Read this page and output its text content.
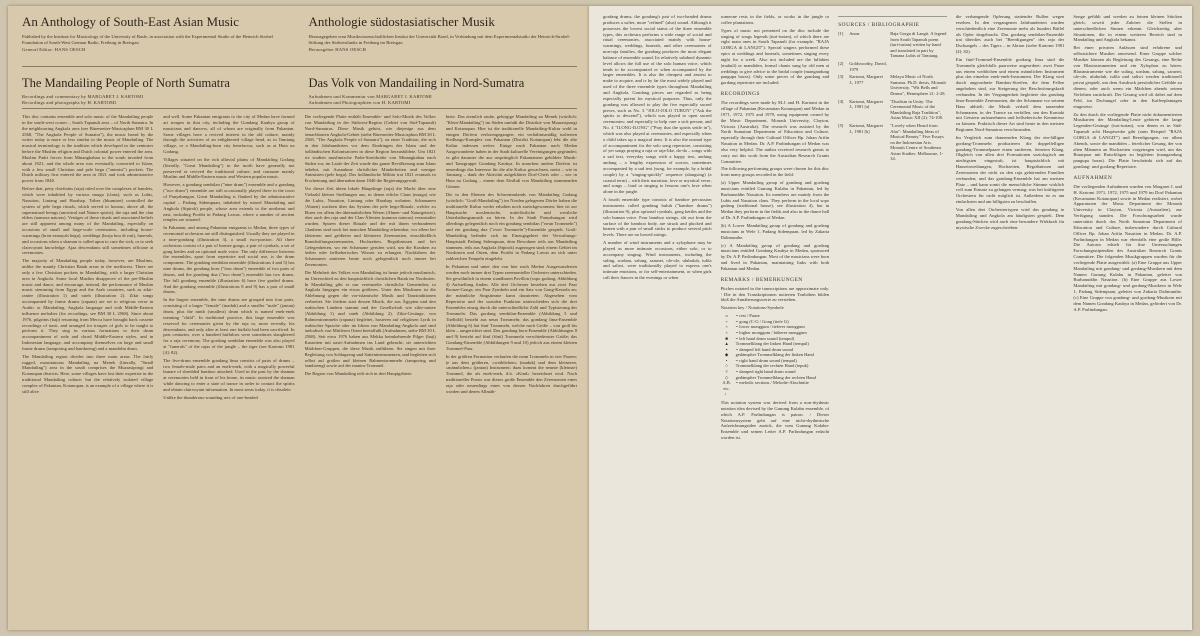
An Anthology of South-East Asian Music

Published by the Institute for Musicology of the University of Basle, in association with the Experimental Studio of the Heinrich Strobel Foundation of South-West German Radio, Freiburg in Breisgau

General Editor: HANS OESCH

Anthologie südostasiatischer Musik

Herausgegeben vom Musikwissenschaftlichen Institut der Universität Basel, in Verbindung mit dem Experimentalstudio der Heinrich-Strobel-Stiftung des Südwestfunks in Freiburg im Breisgau

Herausgeber HANS OESCH

The Mandailing People of North Sumatra

Recordings and commentary by MARGARET J. KARTOMI

Recordings and photographs by H. KARTOMI

Das Volk von Mandailing in Nord-Sumatra

Aufnahmen und Kommentar von MARGARET J. KARTOMI

Aufnahmen und Photographien von H. KARTOMI

This disc contains ensemble and solo music of the Mandailing people in the south-west corner – South Tapanuli area – of North Sumatra. In the neighbouring Angkola area (see Bärenreiter-Musicaphon BM 30 L 2568, "The Angkola People of Sumatra"), the music heard by the writer today is more or less similar to the music of Mandailing. The musical terminology is the tradition which developed in the centuries before the Muslim religion and Dutch colonial power entered the area. Muslim Padri forces from Minangkabau to the south invaded from about 1821, and the whole area was eventually converted to Islam, with a few small Christian and pele begu ("animist") pockets. The Dutch military first entered the area in 1821 and took administrative power from 1840.

Before that, petty chieftains (raja) ruled over the complexes of hamlets, which were inhabited by various marga (clans), such as Lubis, Nasution, Lintang and Harahap. Tribes (bhumiset) controlled the system of pele begu rituals, which served to honour, above all, the supernatural beings (ancestral and Nature spirits), the raja and the clan elders (namora natoras). Vestiges of these rituals and associated beliefs are still apparent among many of the Mandailing, especially on occasions of small and large-scale ceremonies, including house-warmings (brou-ramayah begu), weddings (horja bou di ruti), funerals, and occasions when a shaman is called upon to cure the sick, or to seek clairvoyant knowledge. Ajaa descendants still sometimes officiate at ceremonies.

The majority of Mandailing people today, however, are Muslims, unlike the mainly Christian Batak areas in the northwest. There are only a few Christian pockets in Mandailing, with a larger Christian area in Angkola. Some local Muslim disapprove of the pre-Muslim music and dance, and encourage, instead, the performance of Muslim music stemming from Egypt and the Arab countries, such as zikir-rantee (illustration 1) and rateb (illustration 2). Zikir songs accompanied by frame drums (rapana) are set to religious verse in Arabic or Mandailing. Angkola language and with Middle-Eastern influence melodies (for recordings, see BM 30 L 2568). Since about 1976, pilgrims (haji) returning from Mecca have brought back cassette recordings of nasit, and arranged for troupes of girls to be taught to perform it. They sing in various formations to their drum accompaniment of rode and chord Middle-Eastern styles, and in Indonesian language, and accompany themselves on large and small frame drums (tamporing and bamboeng) and a mandolin drum.

The Mandailing region divides into three main areas. The fairly rugged, mountainous Mandailing na Menek (literally, "Small Mandailing") area in the south comprises the Muarasipongi and Kotanopan districts. Here, some villages have lost their expertise in the traditional Mandailing culture; but the relatively isolated village complex of Pakantan, Kotanopan, is an example of a village where it is still alive

and well. Some Pakantan emigrants to the city of Medan have formed art troupes in that city, including the Gondang Kaubya group of musicians and dancers, all of whom are originally from Pakantan. Some villages have a revived interest in the old culture, mainly through the activities of an enlightened village head, as in Tamiang village, or a Mandailing-born city benefactor, such as at Huta na Godang.

Villages situated on the rich alluvial plains of Mandailing Godang (literally, "Great Mandailing") in the north have generally not preserved or revived the traditional culture, and consume mainly Muslim and Middle-Eastern music and Western popular music.

However, a gondang sembilan ("nine drum") ensemble and a gondang ("two drum") ensemble are still occasionally played there in the town of Panyabungan. Great Mandailing is flanked by the administrative capital – Padang Sidempuan, inhabited by mixed Mandailing and Angkola (Sipirok) people, whose area extends to the northeast and east, including Portibi in Padang Lawas, where a number of ancient temples are situated.

In Pakantan, and among Pakantan emigrants to Medan, three types of ceremonial orchestras are still distinguished. Usually they are played in a nine-gondang (illustration 3), a small two-portion. All three orchestras consist of a pair of bronze gongs, a pair of cymbals, a set of gong kettles and an optional male voice. The only difference between the ensembles, apart from repertoire and social use, is the drum component. The gondang sembilan ensemble (illustrations 4 and 5) has nine drums, the gondang boru ("four drum") ensemble of two pairs of drums, and the gondang dua ("two drum") ensemble has two drums. The full gondang ensemble (illustration 6) have five graded drums. And the gondang ensemble (illustrations 8 and 9) has a pair of small drums.

In the largest ensemble, the nine drums are grouped into four pairs, consisting of a larger "female" (inaduk) and a smaller "male" (jantan) drum, plus the ninth (smallest) drum which is named enek-enek meaning "child". In traditional practice, this large ensemble was reserved for ceremonies given by the raja or, more recently, his descendants, and only after at least one buffalo had been sacrificed. In past centuries, over a hundred buffaloes were sometimes slaughtered for a raja ceremony. The gordang sembilan ensemble was also played at "funerals" of the rajas of the jungle – the tiger (see Kartomi 1981 [4]: 82).

The five-drum ensemble gondang lima consists of pairs of drums – two female-male pairs and an enek-enek, with a magically powerful bunare of shredded bamboo attached. Used in the past by the shaman at ceremonies held in front of his home, its music assisted the shaman while dancing to enter a state of trance in order to contact the spirits and obtain clairvoyant information. In most areas today, it is obsolete.

Unlike the thunderous-sounding sets of one-headed

Die vorliegende Platte enthält Ensemble- und Solo-Musik des Volkes von Mandailing in der Südwest-Region (Gebiet von Süd-Tapanuli) Nord-Sumatras. Diese Musik gehört, wie diejenige aus dem benachbarten Angkola-Gebiet (siehe Bärenreiter-Musicaphon BM 30 L 2568, "The Angkola People of Sumatra"), zu einer Tradition, die sich in den Jahrhunderten vor dem Eindringen des Islam und der holländischen Kolonisatoren in diese Region herausbildete. Um 1821 sie studien muslimische Padri-Streitkräfte von Minangkabau nach Süden vor, im Laufe der Zeit wurde das ganze Bevölkerung zum Islam bekehrt, mit Ausnahme christlicher Minderheiten und weniger Animisten (pele begu). Das holländische Militär trat 1821 erstmals in Erscheinung und übernahm dann 1840 die Regierungsgewalt.

Vor dieser Zeit übten lokale Häuptlinge (raja) die Macht über eine Vielzahl kleiner Siedlungen aus, in denen etliche Clans (marga) wie die Lubis, Nasution, Lintang oder Harahap wohnten. Schamanen (Ahnen) wachten über das System der pele begu-Rituale, welche zu Ehren vor allem der übernatürlichen Wesen (Ahnen- und Naturgeister), aber auch des raja und der Clan-Ältesten (namora natoras) veranstaltet wurden. Spuren dieser Rituale und der mit ihnen verbundenen Glaubens sind noch bei manchen Mandailing erkennbar, vor allem bei kleineren und größeren und kleineren Zeremonien, einschließlich Brandstiftungszeremonien, Hochzeiten, Begräbnissen und bei Gelegenheiten, wo ein Schamane gerufen wird, um die Kranken zu heilen oder hellseherisches Wissen zu erlangen. Nachfahren der Schamanen amtieren heute noch gelegentlich noch immer bei Zeremonien.

Die Mehrheit des Volkes von Mandailing ist heute jedoch muslimisch, im Unterschied zu den hauptsächlich christlichen Batak im Nordosten. In Mandailing gibt es nur vereinzelte christliche Gemeinden; in Angkola hingegen ein etwas größeres. Unter den Muslimen ist die Ablehnung gegen die vor-islamische Musik und Tanztraditionen verbreitet. Sie fördern statt dessen Musik, die aus Ägypten und den arabischen Ländern stammt und der Gesellschaft wie zikir-rantee (Abbildung 1) und rateb (Abbildung 2). Zikir-Gesänge, von Rahmentrommeln (rapana) begleitet, basieren auf religiösen Lyrik in arabischer Sprache oder im Idiom von Mandailing-Angkola und sind melodisch von Mittleren Osten beeinflußt (Aufnahmen, siehe BM 30 L 2568). Seit etwa 1976 haben aus Mekka heimkehrende Pilger (haji) Kassetten mit nasit-Aufnahmen ins Land gebracht; sie unterrichten Mädchen-Gruppen, die diese Musik aufführen. Sie singen mit ihrer Begleitung von Schlagzeug und Saiteninstrumenten, und begleiten sich selbst auf großen und kleinen Rahmentrommeln (tamporing und bamboeng) sowie auf der mantra-Trommel.

Die Region von Mandailing teilt sich in drei Hauptgebiete.

biete. Das ziemlich rauhe, gebirgige Mandailing na Menek (wörtlich: "Klein-Mandailing") im Süden umfaßt die Distrikte von Muarasipongi und Kotanopan. Hier ist die traditionelle Mandailing-Kultur wohl in einigen Dörfern verlorengegangen; ein verhältnismäßig isolierten Siedlungs-Komplex von Pakantan (Distrikt Kotanopan) lebt die alte Kultur indessen weiter. Einige nach Pakantan nach Medan Ausgewanderte haben in der Stadt kulturelle Vereinigungen gegründet; es gibt darunter die aus ursprünglich Pakantanern gebildete Musik- und Tanzgruppe Gondang Kaubya. In manchen andern Dörfern ist neuerdings das Interesse für die alte Kultur gewachsen, meist – wie in Tamiang – dank der Aktivität aufgeklärter Dorf-Chefs oder – wie in Huta na Godang – einem dem Einfluß von Mandailing stammenden Gönner.

Die in den Ebenen des Schwemmlands von Mandailing Godang (wörtlich: "Groß-Mandailing") im Norden gelegenen Dörfer haben die traditionelle Kultur weder erhalten noch zurückgewonnen; hier ist zur Hauptsache moslemische, mittelöstliche und westliche Unterhaltungsmusik zu hören. In der Stadt Panyabungan wird allerdings gelegentlich noch ein gondang sembilan ("neun Trommeln") und ein gondang dua ("zwei Trommeln")-Ensemble gespielt. Groß-Mandailing befindet sich im Einzugsgebiet der Verwaltungs-Hauptstadt Padang Sidempuan, dem Bewohner teils aus Mandailing stammen, teils aus Angkola (Sipirok) zugezogen sind; einem Gebiet im Nordosten und Osten, dem Portibi in Padang Lawas an sich unter zahlreichen Tempeln eingelebt.

In Pakantan und unter den von hier nach Medan Ausgewanderten werden noch immer drei Typen zeremonieller Orchester unterschieden. Sie gewöhnlich in einem wandbaren Pavillon (sopo godang; Abbildung 4) Aufstellung finden. Alle drei Orchester bestehen aus zwei Paar Bronze-Gongs, ein Paar Zymbeln und ein Satz von Gong-Kesseln an; die männliche Singstimme kann dazutreten. Abgesehen vom Repertoire und der sozialen Funktion unterscheiden sich die drei Ensembles einzig durch die unterschiedliche Zahl und Typisierung der Trommeln. Das gordang sembilan-Ensemble (Abbildung 5 und Titelbild) besteht aus neun Trommeln; das gondang lima-Ensemble (Abbildung 6) hat fünf Trommeln, welche nach Größe – von groß bis klein – ausgerichtet sind. Das gondang boru-Ensemble (Abbildungen 8 und 9) besteht auf fünf (fünf) Trommeln verschiedenster Größe; das Gondang-Ensemble (Abbildungen 9 und 10) jedoch aus einem kleinen Trommel-Paar.

In der größten Formation verlaufen die neun Trommeln in vier Paaren; je aus dem größeren, »weiblichen« (inaduk) und dem kleineren, »männlichen« (jantan) Instrument; dazu kommt die neunte (kleinste) Trommel, die als enek-enek, d.h. »Kind« bezeichnet wird. Nach traditioneller Praxis war dieses große Ensemble den Zeremonien eines raja oder neuerdings eines von dessen Nachfahren durchgeführt worden und denen Allmäh-

gordang drums, the gondang's pair of two-headed drums produces a softer, more "refined" (alus) sound. Although it possesses the lowest social status of the three ensemble types, this orchestra performs a wide range of social and ritual ceremonies, associated mainly with house-warmings, weddings, funerals, and other ceremonies of non-raja families, the gondang produces the most elegant balance of ensemble sound. Its relatively subdued dynamic level allows the full use of the solo human voice, which tends to be accompanied or when accompanied by the larger ensembles. It is also the cheapest and easiest to make to acquire, and is by far the most widely played and used of the three ensemble types throughout Mandailing and Angkola. Gondang pieces are regarded as being especially potent for mystical purposes. Thus, only the gondang was allowed to play the five especially sacred pieces, such as No. 3 "JOLO-JOLO TURUN" ("Ask the spirits to descend"), which was played to open sacred ceremonies; and especially to help cure a sick person; and No. 4 "ILONG-ILONG" ("Pray that the spirits settle in"), which was also played at ceremonies, and especially when a child takes up a magical item. It is also the normal type of accompaniment for the solo song repertoire, consisting of yet songs praying a raja or raja-like, do-da – songs with a sad text, everyday songs with a happy text, andung andung – a lengthy expression of sorrow, sometimes accompanied by a sad text (sung, for example, by a bridal couple) by a "singing-quickly" sequence (alangsing) (a coastal term) – with their narration, love or mystical verse, and songs – loud or singing to lessons one's love when alone in the jungle.

A fourth ensemble type consists of bamboe percussion instruments called gondang buluh ("bamboe drums") (illustration 9), plus optional cymbals, gong kettles and the solo human voice. Four bamboo strings, slit out from the surface of the bamboo body, are struck and plucked and beaten with a pair of small sticks to produce several pitch levels. There are no bowed strings.

A number of wind instruments and a xylophone may be played as more intimate occasions, either solo, or to accompany singing. Wind instruments, including the suling, sordam, salung, sarunei, ole-ole, ulubuluh, tulila and saliwi, were traditionally played to express one's intimate emotions, or for self-entertainment, or when girls call their fiances in the evenings or when

someone rests in the fields, or works in the jungle or coffee plantations.

Types of music not presented on the disc include the singing of songs legends (turi-turian), of which there are eight main ones in South Tapanuli (for example, "RAJA GORGA di LANGIT"). Special singers performed these epics at weddings and funerals, sometimes singing every night for a week. Also not included are the lullabies (mahuli) or mandiden, formal chants sung by old men at weddings to give advice to the bridal couple (mangandung pangupa horas). Only some pieces of the gondang and gordang repertoire are included.

RECORDINGS

The recordings were made by M.J. and H. Kartomi in the village of Pakantan (Kecamatan Kotanopan) and Medan in 1971, 1972, 1975 and 1979, using equipment owned by the Music Department, Monash University, Clayton, Victoria (Australia). The research was assisted by the North Sumatran Department of Education and Culture, especially through their Cultural Officer Bp. Johan Arifin Nasution in Medan. Dr. A.P. Parlindungan of Medan was also very helpful. The author received research grants to carry out this work from the Australian Research Grants Committee.

The following performing groups were chosen for this disc from many groups recorded in the field:

(a) Upper Mandailing group of gondang and gordang musicians entitled Gunung Kulabu in Pakantan, led by Burhanuddin Nasution. Its members are mainly from the Lubis and Nasution clans. They perform in the local sopo godang (traditional house), see illustration 4), but in Medan they perform in the fields and also in the dance hall of Dr. A.P. Parlindungan of Medan.

(b) A Lower Mandailing group of gondang and gordang musicians in Wele 1, Padang Sidempuan, led by Zakaria Dalimunthe.

(c) A Mandailing group of gondang and gordang musicians entitled Gondang Kaubya in Medan, sponsored by Dr. A.P. Parlindungan. Most of the musicians were born and lived in Pakantan, maintaining links with both Pakantan and Medan.

REMARKS / BEMERKUNGEN

Pitches notated in the transcriptions are approximate only. / Die in den Transkriptionen notierten Tonhöhen bilden bloß die Annäherungswerte zu verstehen.

Notation key / Notations-Symbole

o	= rest / Pause
+	= gong (C-G / Gong (tiefe G)
×	= lower monggum / tieferer monggum
×	= higher monggum / höherer monggum
■	= left hand drum sound (tempul)
▲	Trommelklang der linken Hand (tempul)
▪	= damped left hand drum sound
◆	gedämpfter Trommelklang der linken Hand
•	= right hand drum sound (tempul)
○	Trommelklang der rechten Hand (tepuk)
▿	= damped right hand drum sound
◇	gedämpfter Trommelklang der rechten Hand
A.B. etc.
= melodic sections / Melodie-Abschnitte
♩

This notation system was derived from a non-rhythmic notation idea devised by the Gunung Kulabu ensemble, of which A.P. Parlindungan is patron. / Dieses Notationssystem geht auf eine nicht-rhythmische Aufzeichnungsidee zurück, die vom Gunung Kulabu-Ensemble und seinen Leiter A.P. Parlindungan erdacht worden ist.

SOURCES / BIBLIOGRAPHIE
[1]	Anon.	Raja Gorga di Langit. A legend from South Tapanuli poem (turi-turian) written by hand and translated in part by Tamana Lubis of Tamiang.
[2]	Goldsworthy, David, 1979
[3]	Kartomi, Margaret J., 1977
Melayu Music of North Sumatra. Ph.D. thesis, Monash University. "Wit Bells and Drums", Hemisphere 21: 2-28.
[4]	Kartomi, Margaret J., 1981 [a]
"Dualism in Unity: The Ceremonial Music of the Mandailing Raja Tradition", Asian Music XII (2): 74-108.
[5]	Kartomi, Margaret J., 1981 [b]
"Lovely when Heard from Afar": Mandailing Ideas of Musical Beauty." Five Essays on the Indonesian Arts. Monash Centre of Southeast Asian Studies: Melbourne, 1-34.

die verhangende Opferung stattender Bullen wegen ersehen. In den vergangenen Jahrhunderten wurden verschiedentlich eine Zeremonie mehr als hundert Büffel als Opfer dargebracht. Das gordang sembilan-Ensemble trat überdies auch bei "Beerdigungen" des raja des Dschungels – des Tigers – in Aktion (siehe Kartomi 1981 [4]: 82).

Ein fünf-Trommel-Ensemble gordang lima sind die Trommeln gleichfalls paarweise angeordnet: zwei Paare aus einem weiblichen und einem männlichen Instrument plus das einzelne enek-enek-Instrument. Der Klang wird durch angeordnete Bambus-Streifen, die dem Fellen angehoben sind, zur Steigerung der Beschwörungskraft verbunden. In der Vergangenheit begleitete das gondang lima-Ensemble Zeremonien, die der Schamane vor seinem Haus abhielt; die Musik verhalf dem tanzenden Schamanen, in der Trance zu verfallen, um den Kontakt mit Geistern aufzunehmen und hellseherische Kenntnisse zu können. Praktisch dieser Art sind heute in den meisten Regionen Nord-Sumatras verschwunden.

Im Vergleich zum donnernden Klang der ein-fälligen gordang-Trommeln produzieren die doppelfelligen gondang-Trommelpaare einen sanfteren, feineren Klang. Obgleich von allen drei Formationen soziologisch am niedrigsten eingestuft, ist hauptsächlich mit Hauseinweihungen, Hochzeiten, Begräbnissen und Zeremonien der nicht zu den raja gehörenden Familien verbunden; und das gondang-Ensemble hat am meisten Platz – und kann somit die menschliche Stimme wirklich voll zum Einsatz zu gelangen vermag; was bei kräftigeren Orchestern für nicht möglich ist. Außerdem ist es am einfachsten und am billigsten zu beschaffen.

Von allen drei Orchestrertypen wird das gondang in Mandailing und Angkola am häufigsten gespielt. Dem gondang-Stücken wird auch eine besondere Wirkkraft für mystische Zwecke zugeschrieben.

Songe gefühlt und werden zu feinen kleinen Stücken gleich, soweit jeder Zuhörer die Stellen in unterschiedlichen Sinnen erkennt. Gleichzeitig aber Situationen, die in einem weiteren Bereich sind in Mandailing und Angkola bekannt.

Bei einer privaten Anlässen sind erfahrene und selbstsichere Musiker anwesend. Einer Gruppe solcher Musiker können als Begleitung des Gesangs, eine Reihe von Blasinstrumenten und ein Xylophon zu hören. Blasinstrumente wie die suling, sordam, salung, sarunei, ole-ole, ulubuluh, tulila und saliwi werden traditionell privat gespielt, um dem Ausdruck persönlicher Gefühle zu dienen, oder auch wenn ein Mädchen abends seinen Verlobten zurückruft. Der Gesang wird oft dabei auf dem Feld, im Dschungel oder in den Kaffeeplantagen eingesetzt.

Zu den durch die vorliegende Platte nicht dokumentierten Musikarten der Mandailing-Leute gehören die lange Legenden-Gesänge (turi-turian), von denen es in Süd-Tapanuli acht Hauptwerke gibt (zum Beispiel "RAJA GORGA di LANGIT") und Beerdigungen, vor allem Abends, sowie die mandiden – feierlicher Gesang, der von alten Männern an Hochzeiten vorgetragen wird, um das Brautpaar mit Ratschlägen zu begleiten (mangandung pangupa horas). Die Platte beschränkt sich auf das gondang- und gordang-Repertoire.

AUFNAHMEN

Die vorliegenden Aufnahmen wurden von Margaret J. und H. Kartomi 1971, 1972, 1975 und 1979 im Dorf Pakantan (Kecamatan Kotanopan) sowie in Medan realisiert, wobei Apparaturen der Music Department der Monash University in Clayton, Victoria (Australien), zur Verfügung standen. Die Forschungsarbeit wurde unterstützt durch das North Sumatran Department of Education and Culture, insbesondere durch Cultural Officer Bp. Johan Arifin Nasution in Medan. Dr. A.P. Parlindungan in Medan war ebenfalls eine große Hilfe. Die Autorin erhielt für ihre Untersuchungen Forschungsstipendien des Australian Research Grants Committee. Die folgenden Musikgruppen wurden für die vorliegende Platte ausgewählt: (a) Eine Gruppe aus Upper Mandailing mit gondang- und gordang-Musikern mit dem Namen Gunung Kulabu in Pakantan, geleitet von Burhanuddin Nasution. (b) Eine Gruppe aus Lower Mandailing mit gondang- und gordang-Musikern in Wele 1, Padang Sidempuan, geleitet von Zakaria Dalimunthe. (c) Eine Gruppe von gondang- und gordang-Musikern mit dem Namen Gondang Kaubya in Medan, gefördert von Dr. A.P. Parlindungan.
